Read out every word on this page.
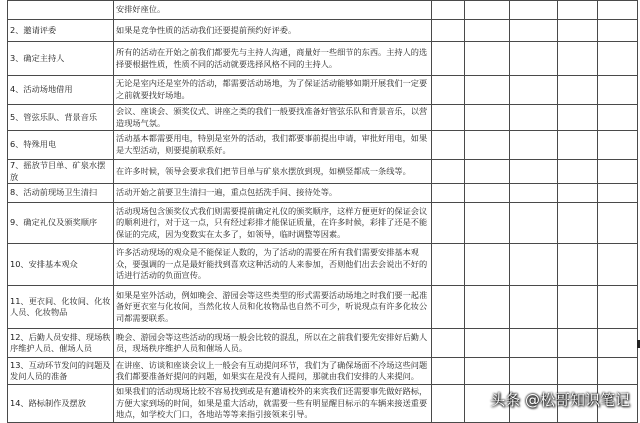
	安排好座位。					

2、邀请评委	如果是竞争性质的活动我们还要提前预约好评委。					

3、确定主持人	所有的活动在开始之前我们都要先与主持人沟通，商量好一些细节的东西。主持人的选择要根据性质，性质不同的活动就要选择风格不同的主持人。					

4、活动场地借用	无论是室内还是室外的活动，都需要活动场地，为了保证活动能够如期开展我们一定要之前就要找好场地。					

5、管弦乐队、背景音乐	会议、座谈会、颁奖仪式、讲座之类的我们一般要找准备好管弦乐队和背景音乐，以营造现场气氛。					

6、特殊用电	活动基本都需要用电，特别是室外的活动，我们都要事前提出申请，审批好用电，如果是大型活动，则要提前联系好。					

7、摇放节目单、矿泉水摆放	在许多时候，领导会要求我们把节目单与矿泉水摆放到现，如横竖都成一条线等。					

8、活动前现场卫生清扫	活动开始之前要卫生清扫一遍，重点包括洗手间、接待处等。					

9、确定礼仪及颁奖顺序	活动现场包含颁奖仪式我们则需要提前确定礼仪的颁奖顺序，这样方便更好的保证会议的顺利进行，对于这一点，只有经过彩排才能保证质量，在许多时候，彩排了还是不能保证的完成，因为变数实在太多了，如领导，临时调整等因素。					

10、安排基本观众	许多活动现场的观众是不能保证人数的，为了活动的需要在所有我们需要安排基本观众，要强调的一点是最好能找到喜欢这种活动的人来参加，否则他们出去会说出不好的话进行活动的负面宣传。					

11、更衣间、化妆间、化妆人员、化妆物品	如果是室外活动，例如晚会、游园会等这些类型的形式需要活动场地之时我们要一起准备好更衣室与化妆间，当然化妆人员和化妆物品也自然不可少，听说现点有许多化妆公司都需要联系。					

12、后勤人员安排、现场秩序维护人员、催场人员	晚会、游园会等这些活动的现场一般会比较的混乱，所以在之前我们要先安排好后勤人员，现场秩序维护人员和催场人员。					

13、互动环节发问的问题及发问人员的准备	在讲座、访谈和座谈会议上一般会有互动提问环节，我们为了确保场面不冷场这些问题我们都要准备好提问的问题，如果实在是没有人提问，那就由我们安排的人来提问。					

14、路标制作及摆放	如果我们的活动现场比较不容易找到或是有邀请校外的来宾我们还需要事先做好路标，方便大家到场的时间，如果是重大活动，就需要一些有明显醒目标示的车辆来接送重要地点，如学校大门口，各地站等等来指引接领来引导。					

头条 @松哥知识笔记
